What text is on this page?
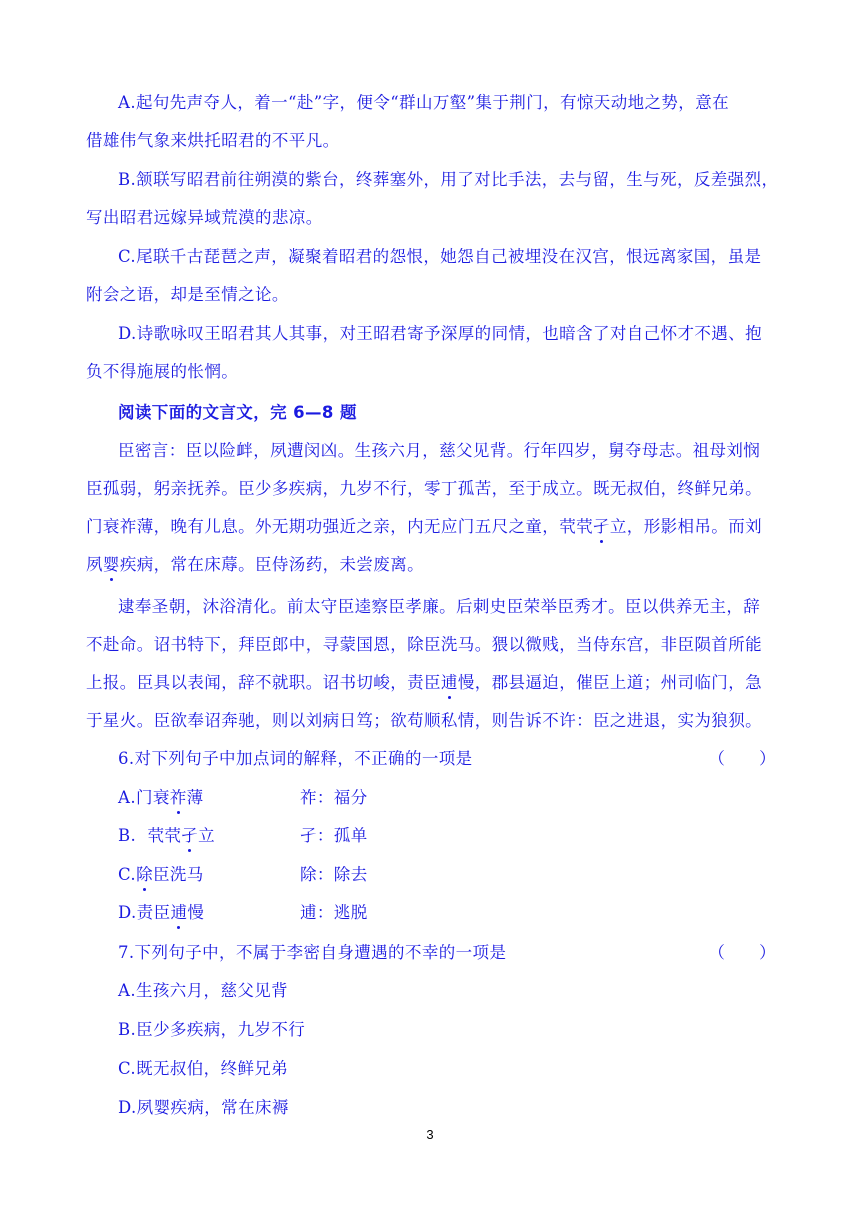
A.起句先声夺人，着一“赴”字，便令“群山万壑”集于荆门，有惊天动地之势，意在
借雄伟气象来烘托昭君的不平凡。
B.颔联写昭君前往朔漠的紫台，终葬塞外，用了对比手法，去与留，生与死，反差强烈，
写出昭君远嫁异域荒漠的悲凉。
C.尾联千古琵琶之声，凝聚着昭君的怨恨，她怨自己被埋没在汉宫，恨远离家国，虽是
附会之语，却是至情之论。
D.诗歌咏叹王昭君其人其事，对王昭君寄予深厚的同情，也暗含了对自己怀才不遇、抱
负不得施展的怅惘。
阅读下面的文言文，完 6—8 题
臣密言：臣以险衅，夙遭闵凶。生孩六月，慈父见背。行年四岁，舅夺母志。祖母刘悯
臣孤弱，躬亲抚养。臣少多疾病，九岁不行，零丁孤苦，至于成立。既无叔伯，终鲜兄弟。
门衰祚薄，晚有儿息。外无期功强近之亲，内无应门五尺之童，茕茕孑立，形影相吊。而刘
夙婴疾病，常在床蓐。臣侍汤药，未尝废离。
逮奉圣朝，沐浴清化。前太守臣逵察臣孝廉。后刺史臣荣举臣秀才。臣以供养无主，辞
不赴命。诏书特下，拜臣郎中，寻蒙国恩，除臣洗马。猥以微贱，当侍东宫，非臣陨首所能
上报。臣具以表闻，辞不就职。诏书切峻，责臣逋慢，郡县逼迫，催臣上道；州司临门，急
于星火。臣欲奉诏奔驰，则以刘病日笃；欲苟顺私情，则告诉不许：臣之进退，实为狼狈。
6.对下列句子中加点词的解释，不正确的一项是	（　　）
A.门衰祚薄	祚：福分
B.  茕茕孑立	孑：孤单
C.除臣洗马	除：除去
D.责臣逋慢	逋：逃脱
7.下列句子中，不属于李密自身遭遇的不幸的一项是	（　　）
A.生孩六月，慈父见背
B.臣少多疾病，九岁不行
C.既无叔伯，终鲜兄弟
D.夙婴疾病，常在床褥
3
